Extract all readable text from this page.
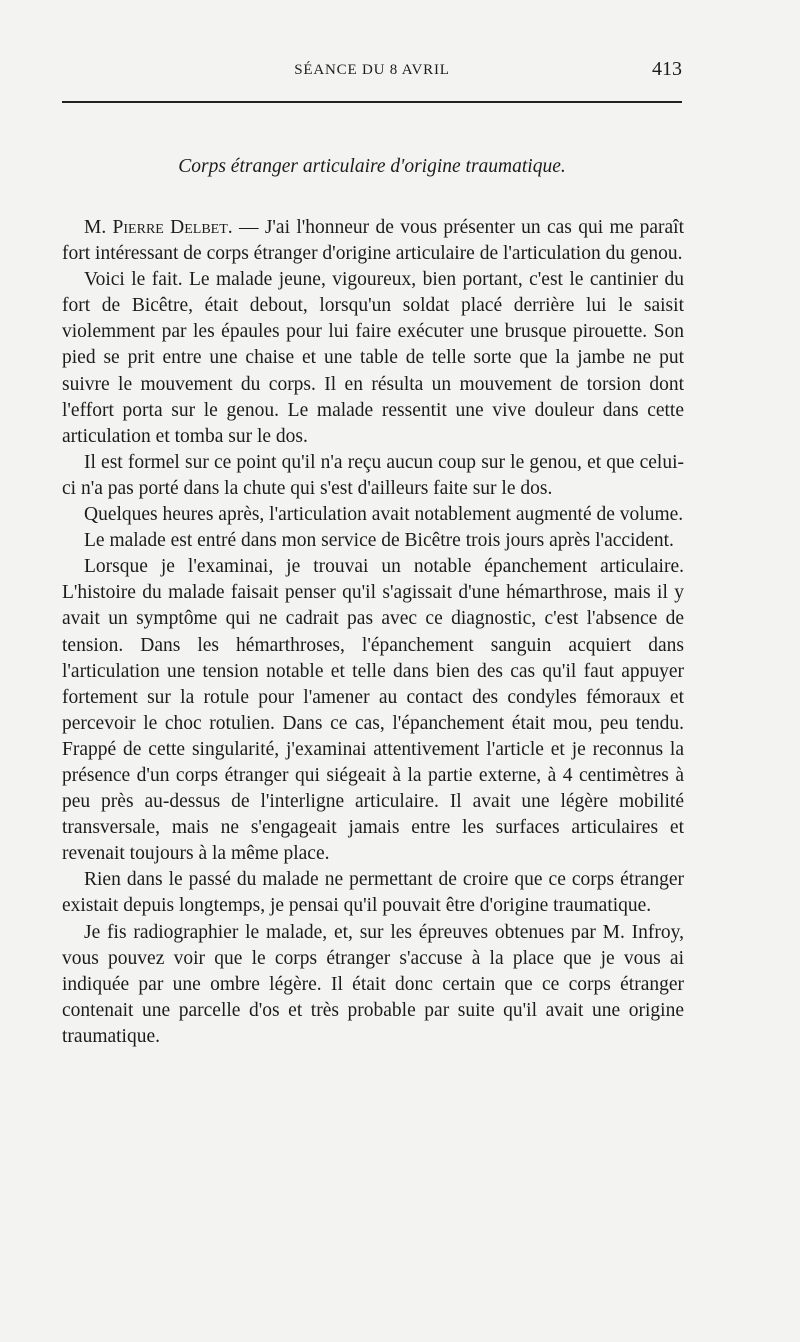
SÉANCE DU 8 AVRIL	413
Corps étranger articulaire d'origine traumatique.

M. Pierre Delbet. — J'ai l'honneur de vous présenter un cas qui me paraît fort intéressant de corps étranger d'origine articulaire de l'articulation du genou.

Voici le fait. Le malade jeune, vigoureux, bien portant, c'est le cantinier du fort de Bicêtre, était debout, lorsqu'un soldat placé derrière lui le saisit violemment par les épaules pour lui faire exécuter une brusque pirouette. Son pied se prit entre une chaise et une table de telle sorte que la jambe ne put suivre le mouvement du corps. Il en résulta un mouvement de torsion dont l'effort porta sur le genou. Le malade ressentit une vive douleur dans cette articulation et tomba sur le dos.

Il est formel sur ce point qu'il n'a reçu aucun coup sur le genou, et que celui-ci n'a pas porté dans la chute qui s'est d'ailleurs faite sur le dos.

Quelques heures après, l'articulation avait notablement augmenté de volume.

Le malade est entré dans mon service de Bicêtre trois jours après l'accident.

Lorsque je l'examinai, je trouvai un notable épanchement articulaire. L'histoire du malade faisait penser qu'il s'agissait d'une hémarthrose, mais il y avait un symptôme qui ne cadrait pas avec ce diagnostic, c'est l'absence de tension. Dans les hémarthroses, l'épanchement sanguin acquiert dans l'articulation une tension notable et telle dans bien des cas qu'il faut appuyer fortement sur la rotule pour l'amener au contact des condyles fémoraux et percevoir le choc rotulien. Dans ce cas, l'épanchement était mou, peu tendu. Frappé de cette singularité, j'examinai attentivement l'article et je reconnus la présence d'un corps étranger qui siégeait à la partie externe, à 4 centimètres à peu près au-dessus de l'interligne articulaire. Il avait une légère mobilité transversale, mais ne s'engageait jamais entre les surfaces articulaires et revenait toujours à la même place.

Rien dans le passé du malade ne permettant de croire que ce corps étranger existait depuis longtemps, je pensai qu'il pouvait être d'origine traumatique.

Je fis radiographier le malade, et, sur les épreuves obtenues par M. Infroy, vous pouvez voir que le corps étranger s'accuse à la place que je vous ai indiquée par une ombre légère. Il était donc certain que ce corps étranger contenait une parcelle d'os et très probable par suite qu'il avait une origine traumatique.
